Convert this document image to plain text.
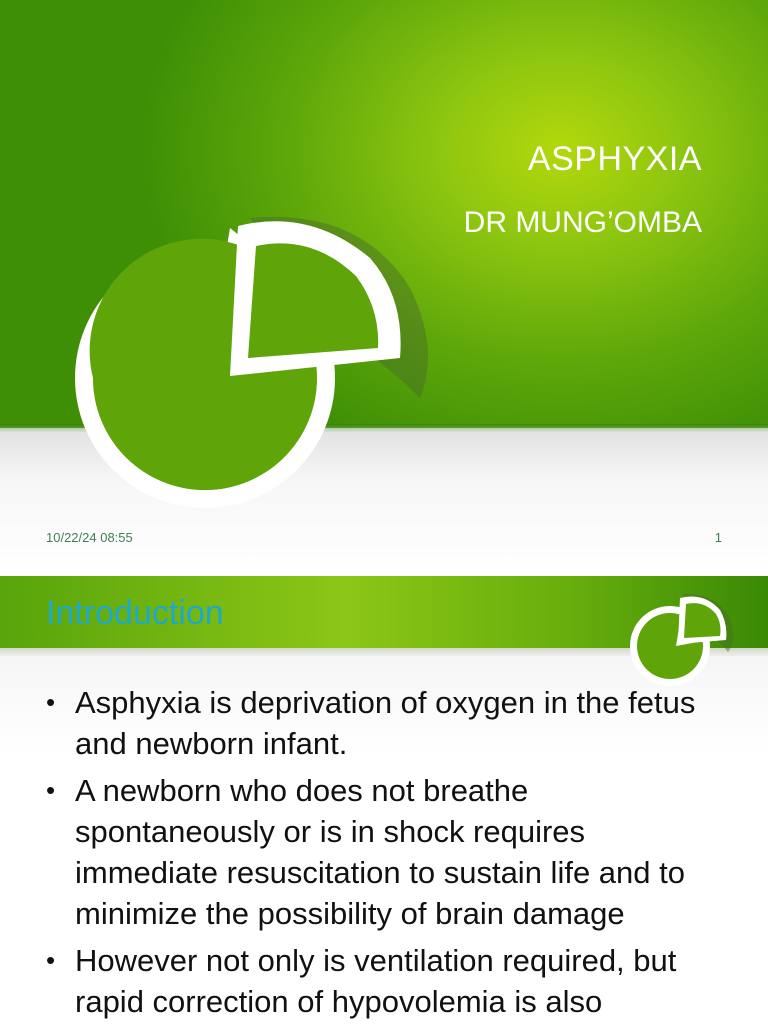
ASPHYXIA
DR MUNG’OMBA
10/22/24 08:55	1
Introduction
• Asphyxia is deprivation of oxygen in the fetus and newborn infant.
• A newborn who does not breathe spontaneously or is in shock requires immediate resuscitation to sustain life and to minimize the possibility of brain damage
• However not only is ventilation required, but rapid correction of hypovolemia is also
